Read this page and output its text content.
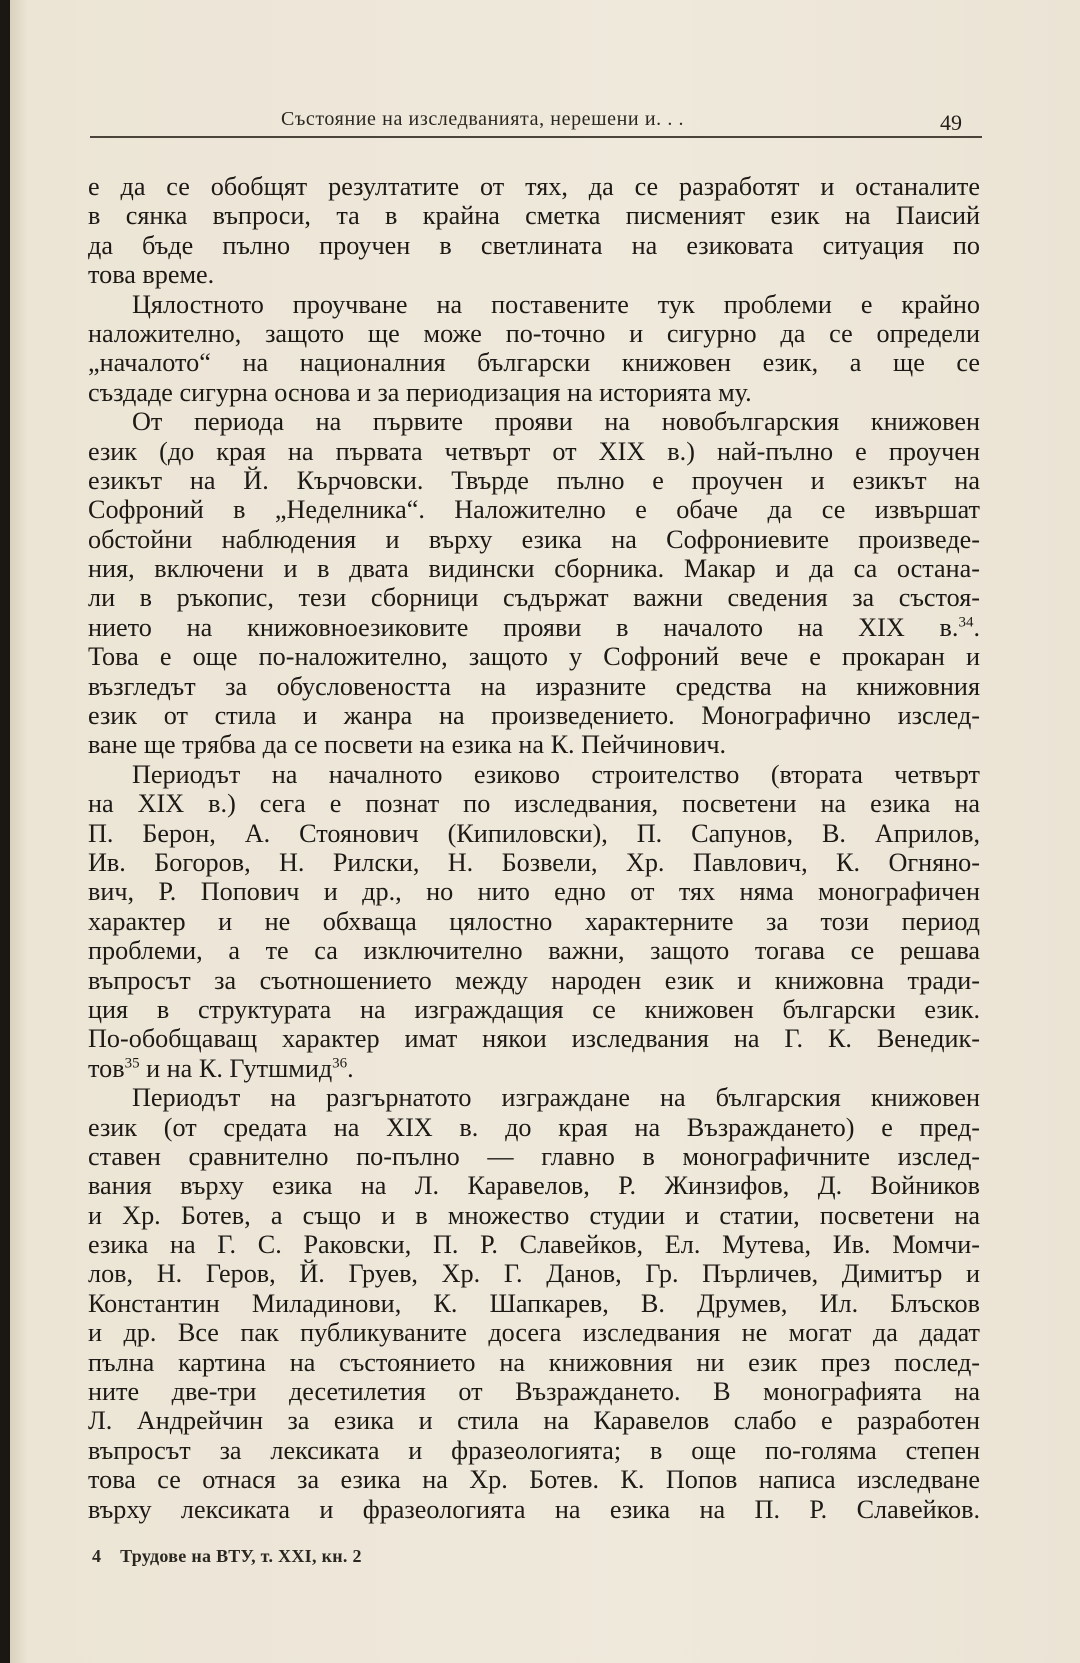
Състояние на изследванията, нерешени и. . .	49
е да се обобщят резултатите от тях, да се разработят и останалите
в сянка въпроси, та в крайна сметка писменият език на Паисий
да бъде пълно проучен в светлината на езиковата ситуация по
това време.
Цялостното проучване на поставените тук проблеми е крайно
наложително, защото ще може по-точно и сигурно да се определи
„началото“ на националния български книжовен език, а ще се
създаде сигурна основа и за периодизация на историята му.
От периода на първите прояви на новобългарския книжовен
език (до края на първата четвърт от XIX в.) най-пълно е проучен
езикът на Й. Кърчовски. Твърде пълно е проучен и езикът на
Софроний в „Неделника“. Наложително е обаче да се извършат
обстойни наблюдения и върху езика на Софрониевите произведе-
ния, включени и в двата видински сборника. Макар и да са остана-
ли в ръкопис, тези сборници съдържат важни сведения за състоя-
нието на книжовноезиковите прояви в началото на XIX в.$^{34}$.
Това е още по-наложително, защото у Софроний вече е прокаран и
възгледът за обусловеността на изразните средства на книжовния
език от стила и жанра на произведението. Монографично изслед-
ване ще трябва да се посвети на езика на К. Пейчинович.
Периодът на началното езиково строителство (втората четвърт
на XIX в.) сега е познат по изследвания, посветени на езика на
П. Берон, А. Стоянович (Кипиловски), П. Сапунов, В. Априлов,
Ив. Богоров, Н. Рилски, Н. Бозвели, Хр. Павлович, К. Огняно-
вич, Р. Попович и др., но нито едно от тях няма монографичен
характер и не обхваща цялостно характерните за този период
проблеми, а те са изключително важни, защото тогава се решава
въпросът за съотношението между народен език и книжовна тради-
ция в структурата на изграждащия се книжовен български език.
По-обобщаващ характер имат някои изследвания на Г. К. Венедик-
тов$^{35}$ и на К. Гутшмид$^{36}$.
Периодът на разгърнатото изграждане на българския книжовен
език (от средата на XIX в. до края на Възраждането) е пред-
ставен сравнително по-пълно — главно в монографичните изслед-
вания върху езика на Л. Каравелов, Р. Жинзифов, Д. Войников
и Хр. Ботев, а също и в множество студии и статии, посветени на
езика на Г. С. Раковски, П. Р. Славейков, Ел. Мутева, Ив. Момчи-
лов, Н. Геров, Й. Груев, Хр. Г. Данов, Гр. Пърличев, Димитър и
Константин Миладинови, К. Шапкарев, В. Друмев, Ил. Блъсков
и др. Все пак публикуваните досега изследвания не могат да дадат
пълна картина на състоянието на книжовния ни език през послед-
ните две-три десетилетия от Възраждането. В монографията на
Л. Андрейчин за езика и стила на Каравелов слабо е разработен
въпросът за лексиката и фразеологията; в още по-голяма степен
това се отнася за езика на Хр. Ботев. К. Попов написа изследване
върху лексиката и фразеологията на езика на П. Р. Славейков.
4 Трудове на ВТУ, т. XXI, кн. 2
